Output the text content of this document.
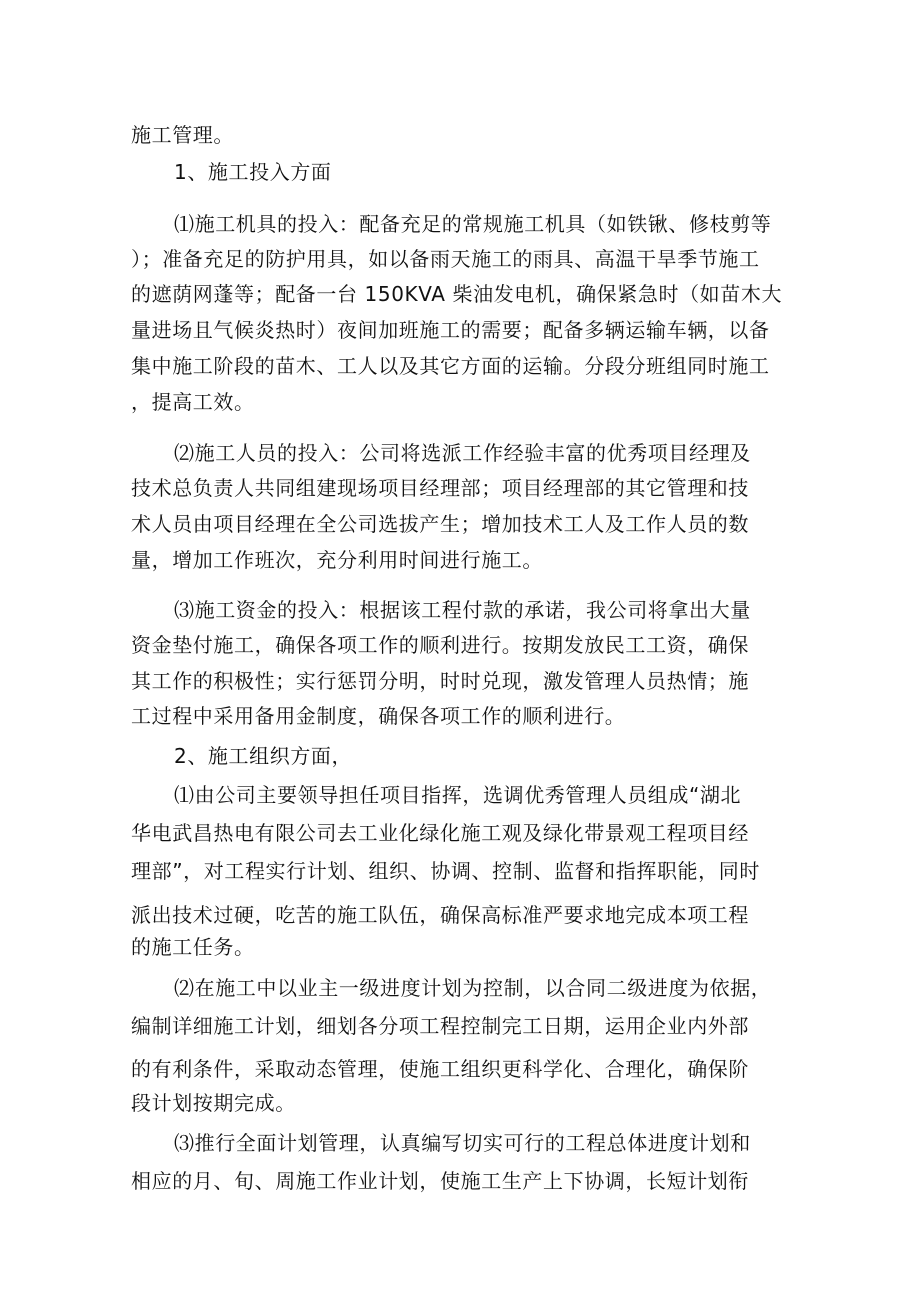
施工管理。
1、施工投入方面
⑴施工机具的投入：配备充足的常规施工机具（如铁锹、修枝剪等
）；准备充足的防护用具，如以备雨天施工的雨具、高温干旱季节施工
的遮荫网蓬等；配备一台 150KVA 柴油发电机，确保紧急时（如苗木大
量进场且气候炎热时）夜间加班施工的需要；配备多辆运输车辆，以备
集中施工阶段的苗木、工人以及其它方面的运输。分段分班组同时施工
，提高工效。
⑵施工人员的投入：公司将选派工作经验丰富的优秀项目经理及
技术总负责人共同组建现场项目经理部；项目经理部的其它管理和技
术人员由项目经理在全公司选拔产生；增加技术工人及工作人员的数
量，增加工作班次，充分利用时间进行施工。
⑶施工资金的投入：根据该工程付款的承诺，我公司将拿出大量
资金垫付施工，确保各项工作的顺利进行。按期发放民工工资，确保
其工作的积极性；实行惩罚分明，时时兑现，激发管理人员热情；施
工过程中采用备用金制度，确保各项工作的顺利进行。
2、施工组织方面，
⑴由公司主要领导担任项目指挥，选调优秀管理人员组成“湖北
华电武昌热电有限公司去工业化绿化施工观及绿化带景观工程项目经
理部”，对工程实行计划、组织、协调、控制、监督和指挥职能，同时
派出技术过硬，吃苦的施工队伍，确保高标准严要求地完成本项工程
的施工任务。
⑵在施工中以业主一级进度计划为控制，以合同二级进度为依据，
编制详细施工计划，细划各分项工程控制完工日期，运用企业内外部
的有利条件，采取动态管理，使施工组织更科学化、合理化，确保阶
段计划按期完成。
⑶推行全面计划管理，认真编写切实可行的工程总体进度计划和
相应的月、旬、周施工作业计划，使施工生产上下协调，长短计划衔
